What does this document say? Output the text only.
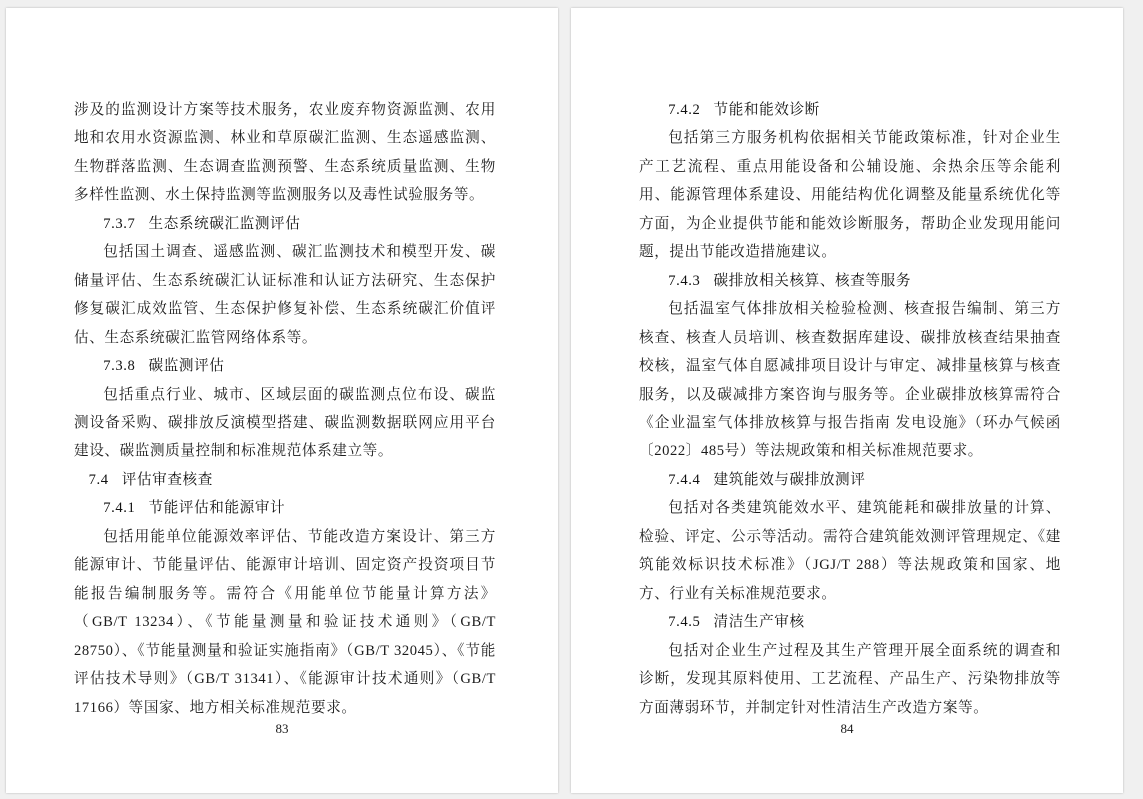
涉及的监测设计方案等技术服务，农业废弃物资源监测、农用地和农用水资源监测、林业和草原碳汇监测、生态遥感监测、生物群落监测、生态调查监测预警、生态系统质量监测、生物多样性监测、水土保持监测等监测服务以及毒性试验服务等。

7.3.7 生态系统碳汇监测评估

包括国土调查、遥感监测、碳汇监测技术和模型开发、碳储量评估、生态系统碳汇认证标准和认证方法研究、生态保护修复碳汇成效监管、生态保护修复补偿、生态系统碳汇价值评估、生态系统碳汇监管网络体系等。

7.3.8 碳监测评估

包括重点行业、城市、区域层面的碳监测点位布设、碳监测设备采购、碳排放反演模型搭建、碳监测数据联网应用平台建设、碳监测质量控制和标准规范体系建立等。

7.4 评估审查核查
7.4.1 节能评估和能源审计

包括用能单位能源效率评估、节能改造方案设计、第三方能源审计、节能量评估、能源审计培训、固定资产投资项目节能报告编制服务等。需符合《用能单位节能量计算方法》（GB/T 13234）、《节能量测量和验证技术通则》（GB/T 28750）、《节能量测量和验证实施指南》（GB/T 32045）、《节能评估技术导则》（GB/T 31341）、《能源审计技术通则》（GB/T 17166）等国家、地方相关标准规范要求。

83
7.4.2 节能和能效诊断

包括第三方服务机构依据相关节能政策标准，针对企业生产工艺流程、重点用能设备和公辅设施、余热余压等余能利用、能源管理体系建设、用能结构优化调整及能量系统优化等方面，为企业提供节能和能效诊断服务，帮助企业发现用能问题，提出节能改造措施建议。

7.4.3 碳排放相关核算、核查等服务

包括温室气体排放相关检验检测、核查报告编制、第三方核查、核查人员培训、核查数据库建设、碳排放核查结果抽查校核，温室气体自愿减排项目设计与审定、减排量核算与核查服务，以及碳减排方案咨询与服务等。企业碳排放核算需符合《企业温室气体排放核算与报告指南 发电设施》（环办气候函〔2022〕485号）等法规政策和相关标准规范要求。

7.4.4 建筑能效与碳排放测评

包括对各类建筑能效水平、建筑能耗和碳排放量的计算、检验、评定、公示等活动。需符合建筑能效测评管理规定、《建筑能效标识技术标准》（JGJ/T 288）等法规政策和国家、地方、行业有关标准规范要求。

7.4.5 清洁生产审核

包括对企业生产过程及其生产管理开展全面系统的调查和诊断，发现其原料使用、工艺流程、产品生产、污染物排放等方面薄弱环节，并制定针对性清洁生产改造方案等。

84
